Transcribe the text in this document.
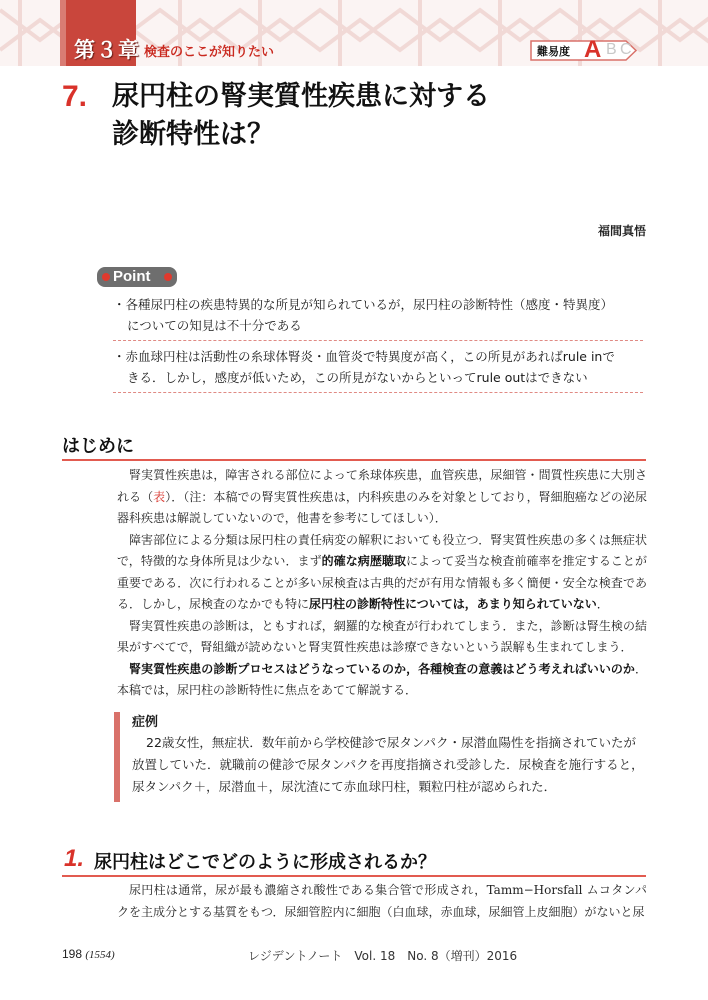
第３章 検査のここが知りたい	難易度 A B C
7. 尿円柱の腎実質性疾患に対する
診断特性は？
福間真悟
Point
・各種尿円柱の疾患特異的な所見が知られているが，尿円柱の診断特性（感度・特異度）
についての知見は不十分である
・赤血球円柱は活動性の糸球体腎炎・血管炎で特異度が高く，この所見があればrule inで
きる．しかし，感度が低いため，この所見がないからといってrule outはできない
はじめに

腎実質性疾患は，障害される部位によって糸球体疾患，血管疾患，尿細管・間質性疾患に大別される（表）．（注：本稿での腎実質性疾患は，内科疾患のみを対象としており，腎細胞癌などの泌尿器科疾患は解説していないので，他書を参考にしてほしい）．

障害部位による分類は尿円柱の責任病変の解釈においても役立つ．腎実質性疾患の多くは無症状で，特徴的な身体所見は少ない．まず的確な病歴聴取によって妥当な検査前確率を推定することが重要である．次に行われることが多い尿検査は古典的だが有用な情報も多く簡便・安全な検査である．しかし，尿検査のなかでも特に尿円柱の診断特性については，あまり知られていない．

腎実質性疾患の診断は，ともすれば，網羅的な検査が行われてしまう．また，診断は腎生検の結果がすべてで，腎組織が読めないと腎実質性疾患は診療できないという誤解も生まれてしまう．

腎実質性疾患の診断プロセスはどうなっているのか，各種検査の意義はどう考えればいいのか．本稿では，尿円柱の診断特性に焦点をあてて解説する．

症例
22歳女性，無症状．数年前から学校健診で尿タンパク・尿潜血陽性を指摘されていたが
放置していた．就職前の健診で尿タンパクを再度指摘され受診した．尿検査を施行すると，
尿タンパク＋，尿潜血＋，尿沈渣にて赤血球円柱，顆粒円柱が認められた．
1. 尿円柱はどこでどのように形成されるか？

尿円柱は通常，尿が最も濃縮され酸性である集合管で形成され，Tamm−Horsfall ムコタンパクを主成分とする基質をもつ．尿細管腔内に細胞（白血球，赤血球，尿細管上皮細胞）がないと尿

198 (1554)	レジデントノート　Vol. 18　No. 8（増刊）2016
